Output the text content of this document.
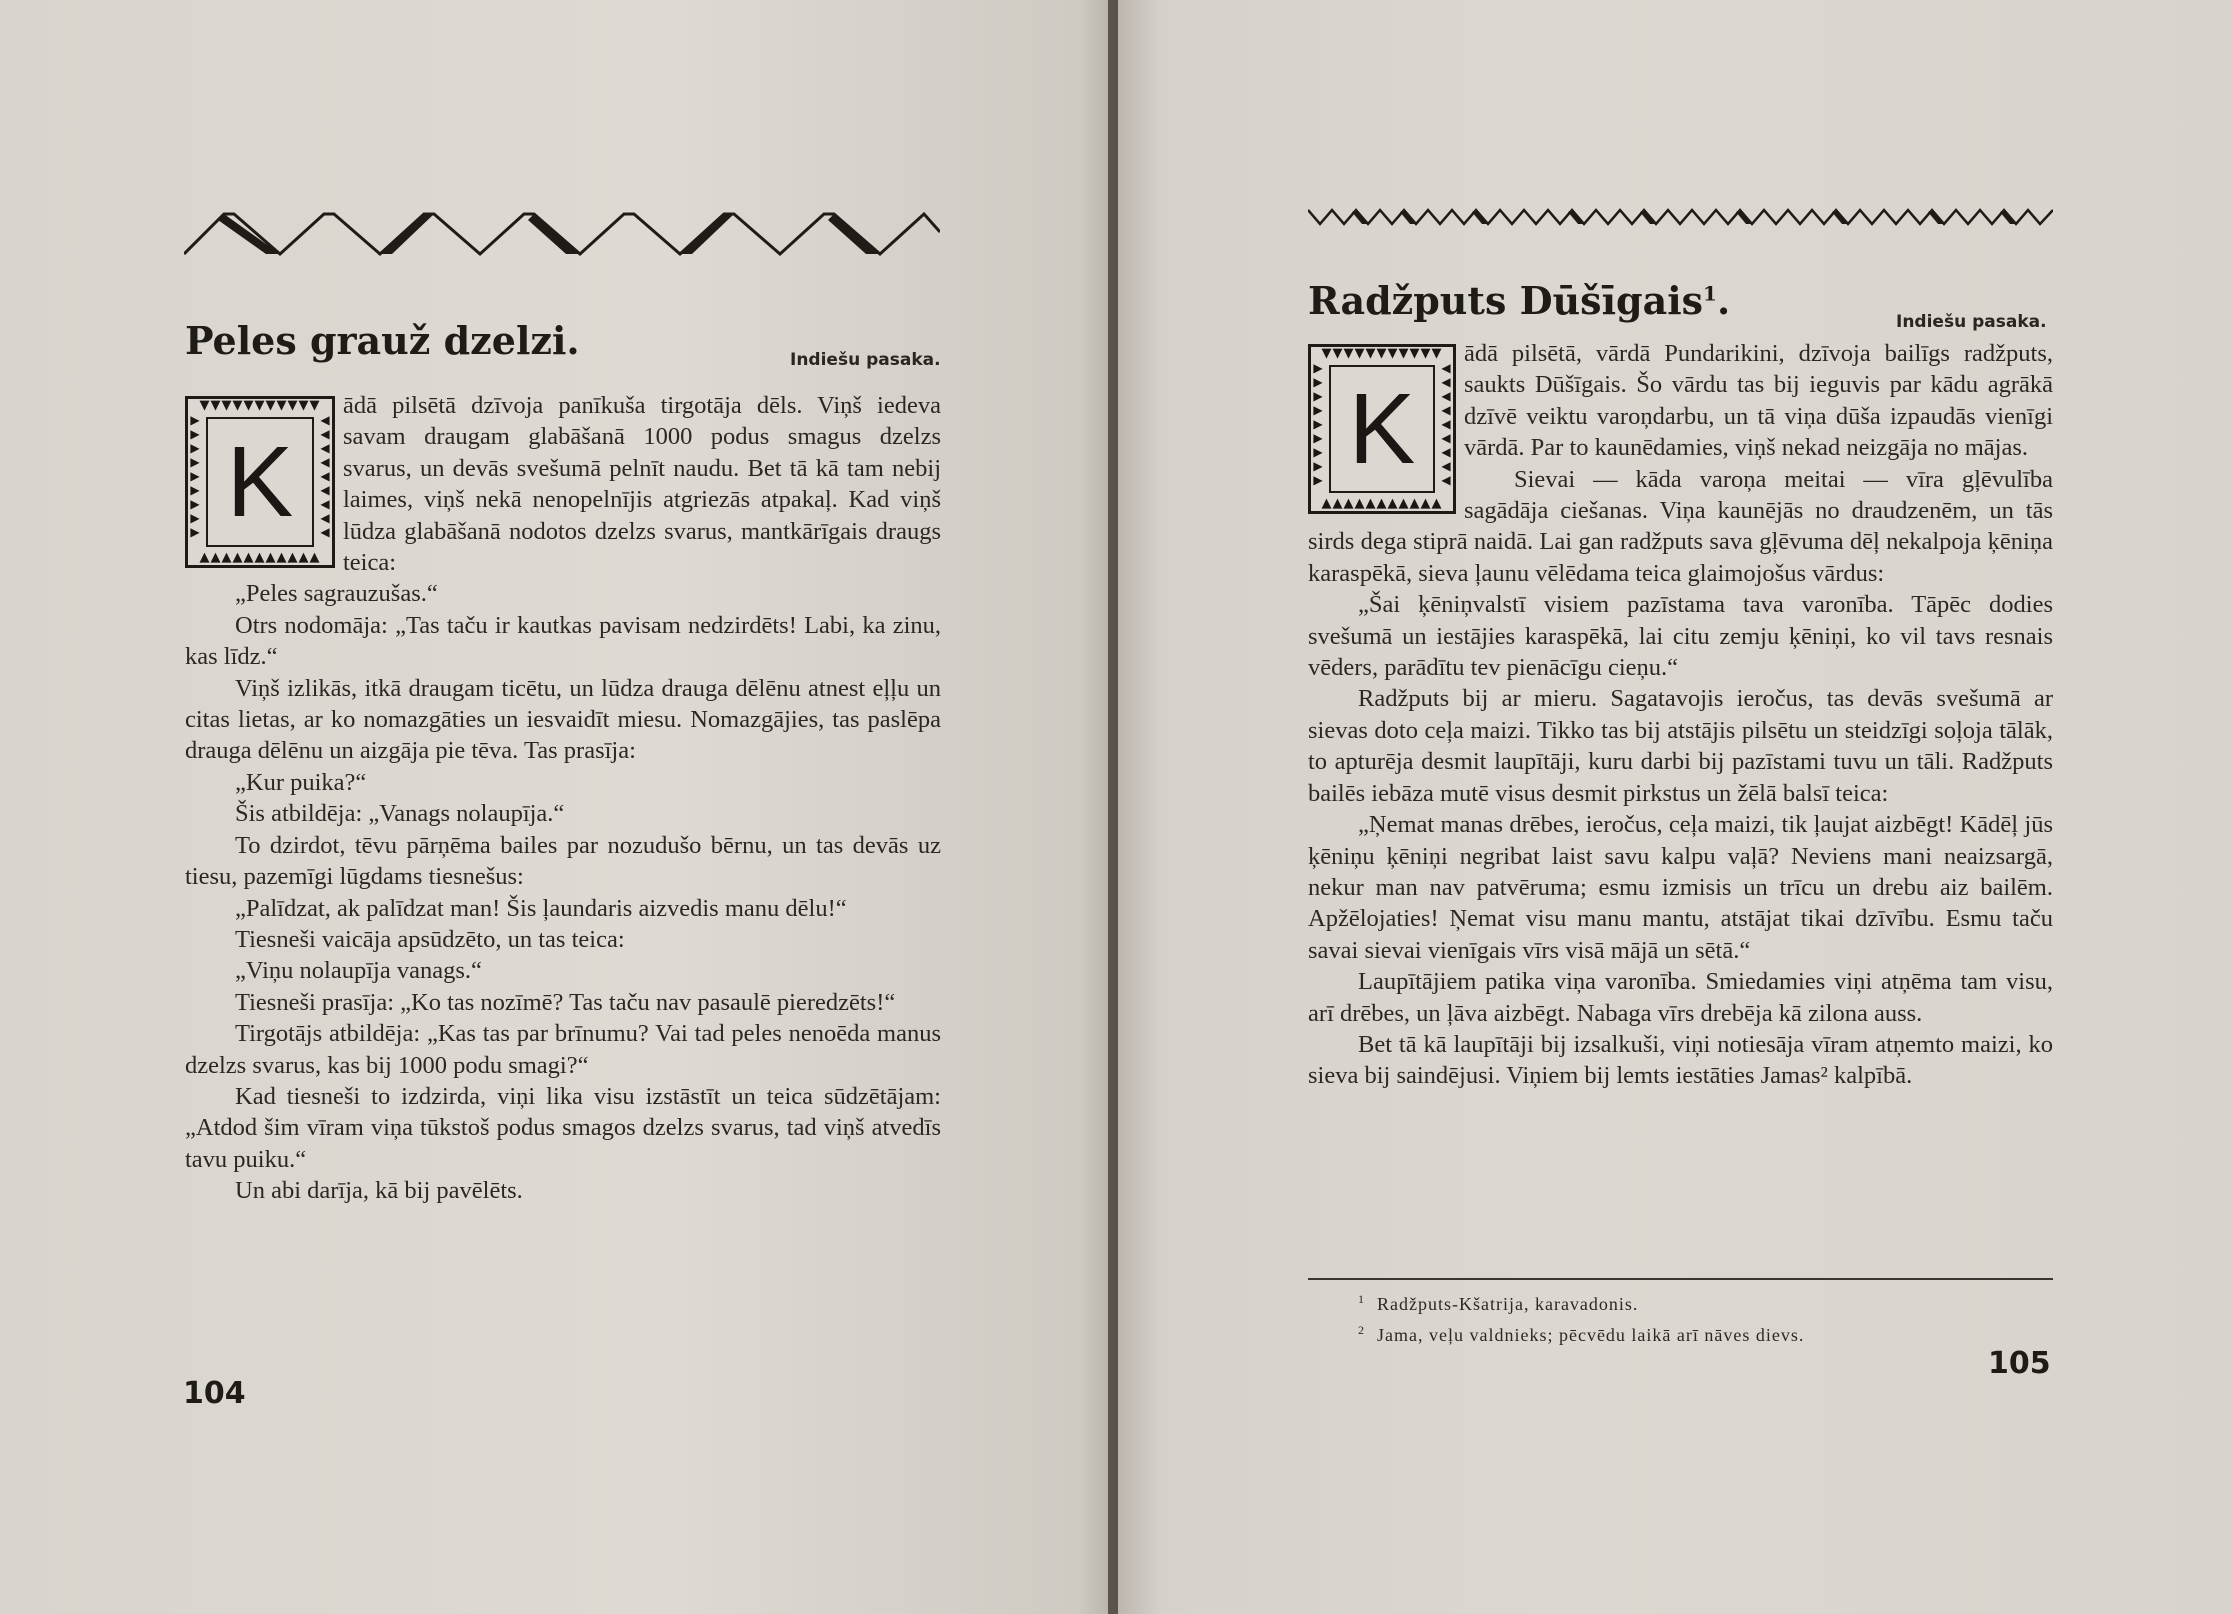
Peles grauž dzelzi.	Indiešu pasaka.
▼▼▼▼▼▼▼▼▼▼▼
▲▲▲▲▲▲▲▲▲▲▲
▶▶▶▶▶▶▶▶▶
◀◀◀◀◀◀◀◀◀
K

ādā pilsētā dzīvoja panīkuša tirgotāja dēls. Viņš iedeva savam draugam glabāšanā 1000 podus smagus dzelzs svarus, un devās svešumā pelnīt naudu. Bet tā kā tam nebij laimes, viņš nekā nenopelnījis atgriezās atpakaļ. Kad viņš lūdza glabāšanā nodotos dzelzs svarus, mantkārīgais draugs teica:

„Peles sagrauzušas.“

Otrs nodomāja: „Tas taču ir kautkas pavisam nedzirdēts! Labi, ka zinu, kas līdz.“

Viņš izlikās, itkā draugam ticētu, un lūdza drauga dēlēnu atnest eļļu un citas lietas, ar ko nomazgāties un iesvaidīt miesu. Nomazgājies, tas paslēpa drauga dēlēnu un aizgāja pie tēva. Tas prasīja:

„Kur puika?“

Šis atbildēja: „Vanags nolaupīja.“

To dzirdot, tēvu pārņēma bailes par nozudušo bērnu, un tas devās uz tiesu, pazemīgi lūgdams tiesnešus:

„Palīdzat, ak palīdzat man! Šis ļaundaris aizvedis manu dēlu!“

Tiesneši vaicāja apsūdzēto, un tas teica:

„Viņu nolaupīja vanags.“

Tiesneši prasīja: „Ko tas nozīmē? Tas taču nav pasaulē pieredzēts!“

Tirgotājs atbildēja: „Kas tas par brīnumu? Vai tad peles nenoēda manus dzelzs svarus, kas bij 1000 podu smagi?“

Kad tiesneši to izdzirda, viņi lika visu izstāstīt un teica sūdzētājam: „Atdod šim vīram viņa tūkstoš podus smagos dzelzs svarus, tad viņš atvedīs tavu puiku.“

Un abi darīja, kā bij pavēlēts.

104
Radžputs Dūšīgais$^1$.	Indiešu pasaka.
▼▼▼▼▼▼▼▼▼▼▼
▲▲▲▲▲▲▲▲▲▲▲
▶▶▶▶▶▶▶▶▶
◀◀◀◀◀◀◀◀◀
K

ādā pilsētā, vārdā Pundarikini, dzīvoja bailīgs radžputs, saukts Dūšīgais. Šo vārdu tas bij ieguvis par kādu agrākā dzīvē veiktu varoņdarbu, un tā viņa dūša izpaudās vienīgi vārdā. Par to kaunēdamies, viņš nekad neizgāja no mājas.

Sievai — kāda varoņa meitai — vīra gļēvulība sagādāja ciešanas. Viņa kaunējās no draudzenēm, un tās sirds dega stiprā naidā. Lai gan radžputs sava gļēvuma dēļ nekalpoja ķēniņa karaspēkā, sieva ļaunu vēlēdama teica glaimojošus vārdus:

„Šai ķēniņvalstī visiem pazīstama tava varonība. Tāpēc dodies svešumā un iestājies karaspēkā, lai citu zemju ķēniņi, ko vil tavs resnais vēders, parādītu tev pienācīgu cieņu.“

Radžputs bij ar mieru. Sagatavojis ieročus, tas devās svešumā ar sievas doto ceļa maizi. Tikko tas bij atstājis pilsētu un steidzīgi soļoja tālāk, to apturēja desmit laupītāji, kuru darbi bij pazīstami tuvu un tāli. Radžputs bailēs iebāza mutē visus desmit pirkstus un žēlā balsī teica:

„Ņemat manas drēbes, ieročus, ceļa maizi, tik ļaujat aizbēgt! Kādēļ jūs ķēniņu ķēniņi negribat laist savu kalpu vaļā? Neviens mani neaizsargā, nekur man nav patvēruma; esmu izmisis un trīcu un drebu aiz bailēm. Apžēlojaties! Ņemat visu manu mantu, atstājat tikai dzīvību. Esmu taču savai sievai vienīgais vīrs visā mājā un sētā.“

Laupītājiem patika viņa varonība. Smiedamies viņi atņēma tam visu, arī drēbes, un ļāva aizbēgt. Nabaga vīrs drebēja kā zilona auss.

Bet tā kā laupītāji bij izsalkuši, viņi notiesāja vīram atņemto maizi, ko sieva bij saindējusi. Viņiem bij lemts iestāties Jamas² kalpībā.

$^1$ Radžputs-Kšatrija, karavadonis.
$^2$ Jama, veļu valdnieks; pēcvēdu laikā arī nāves dievs.
105
